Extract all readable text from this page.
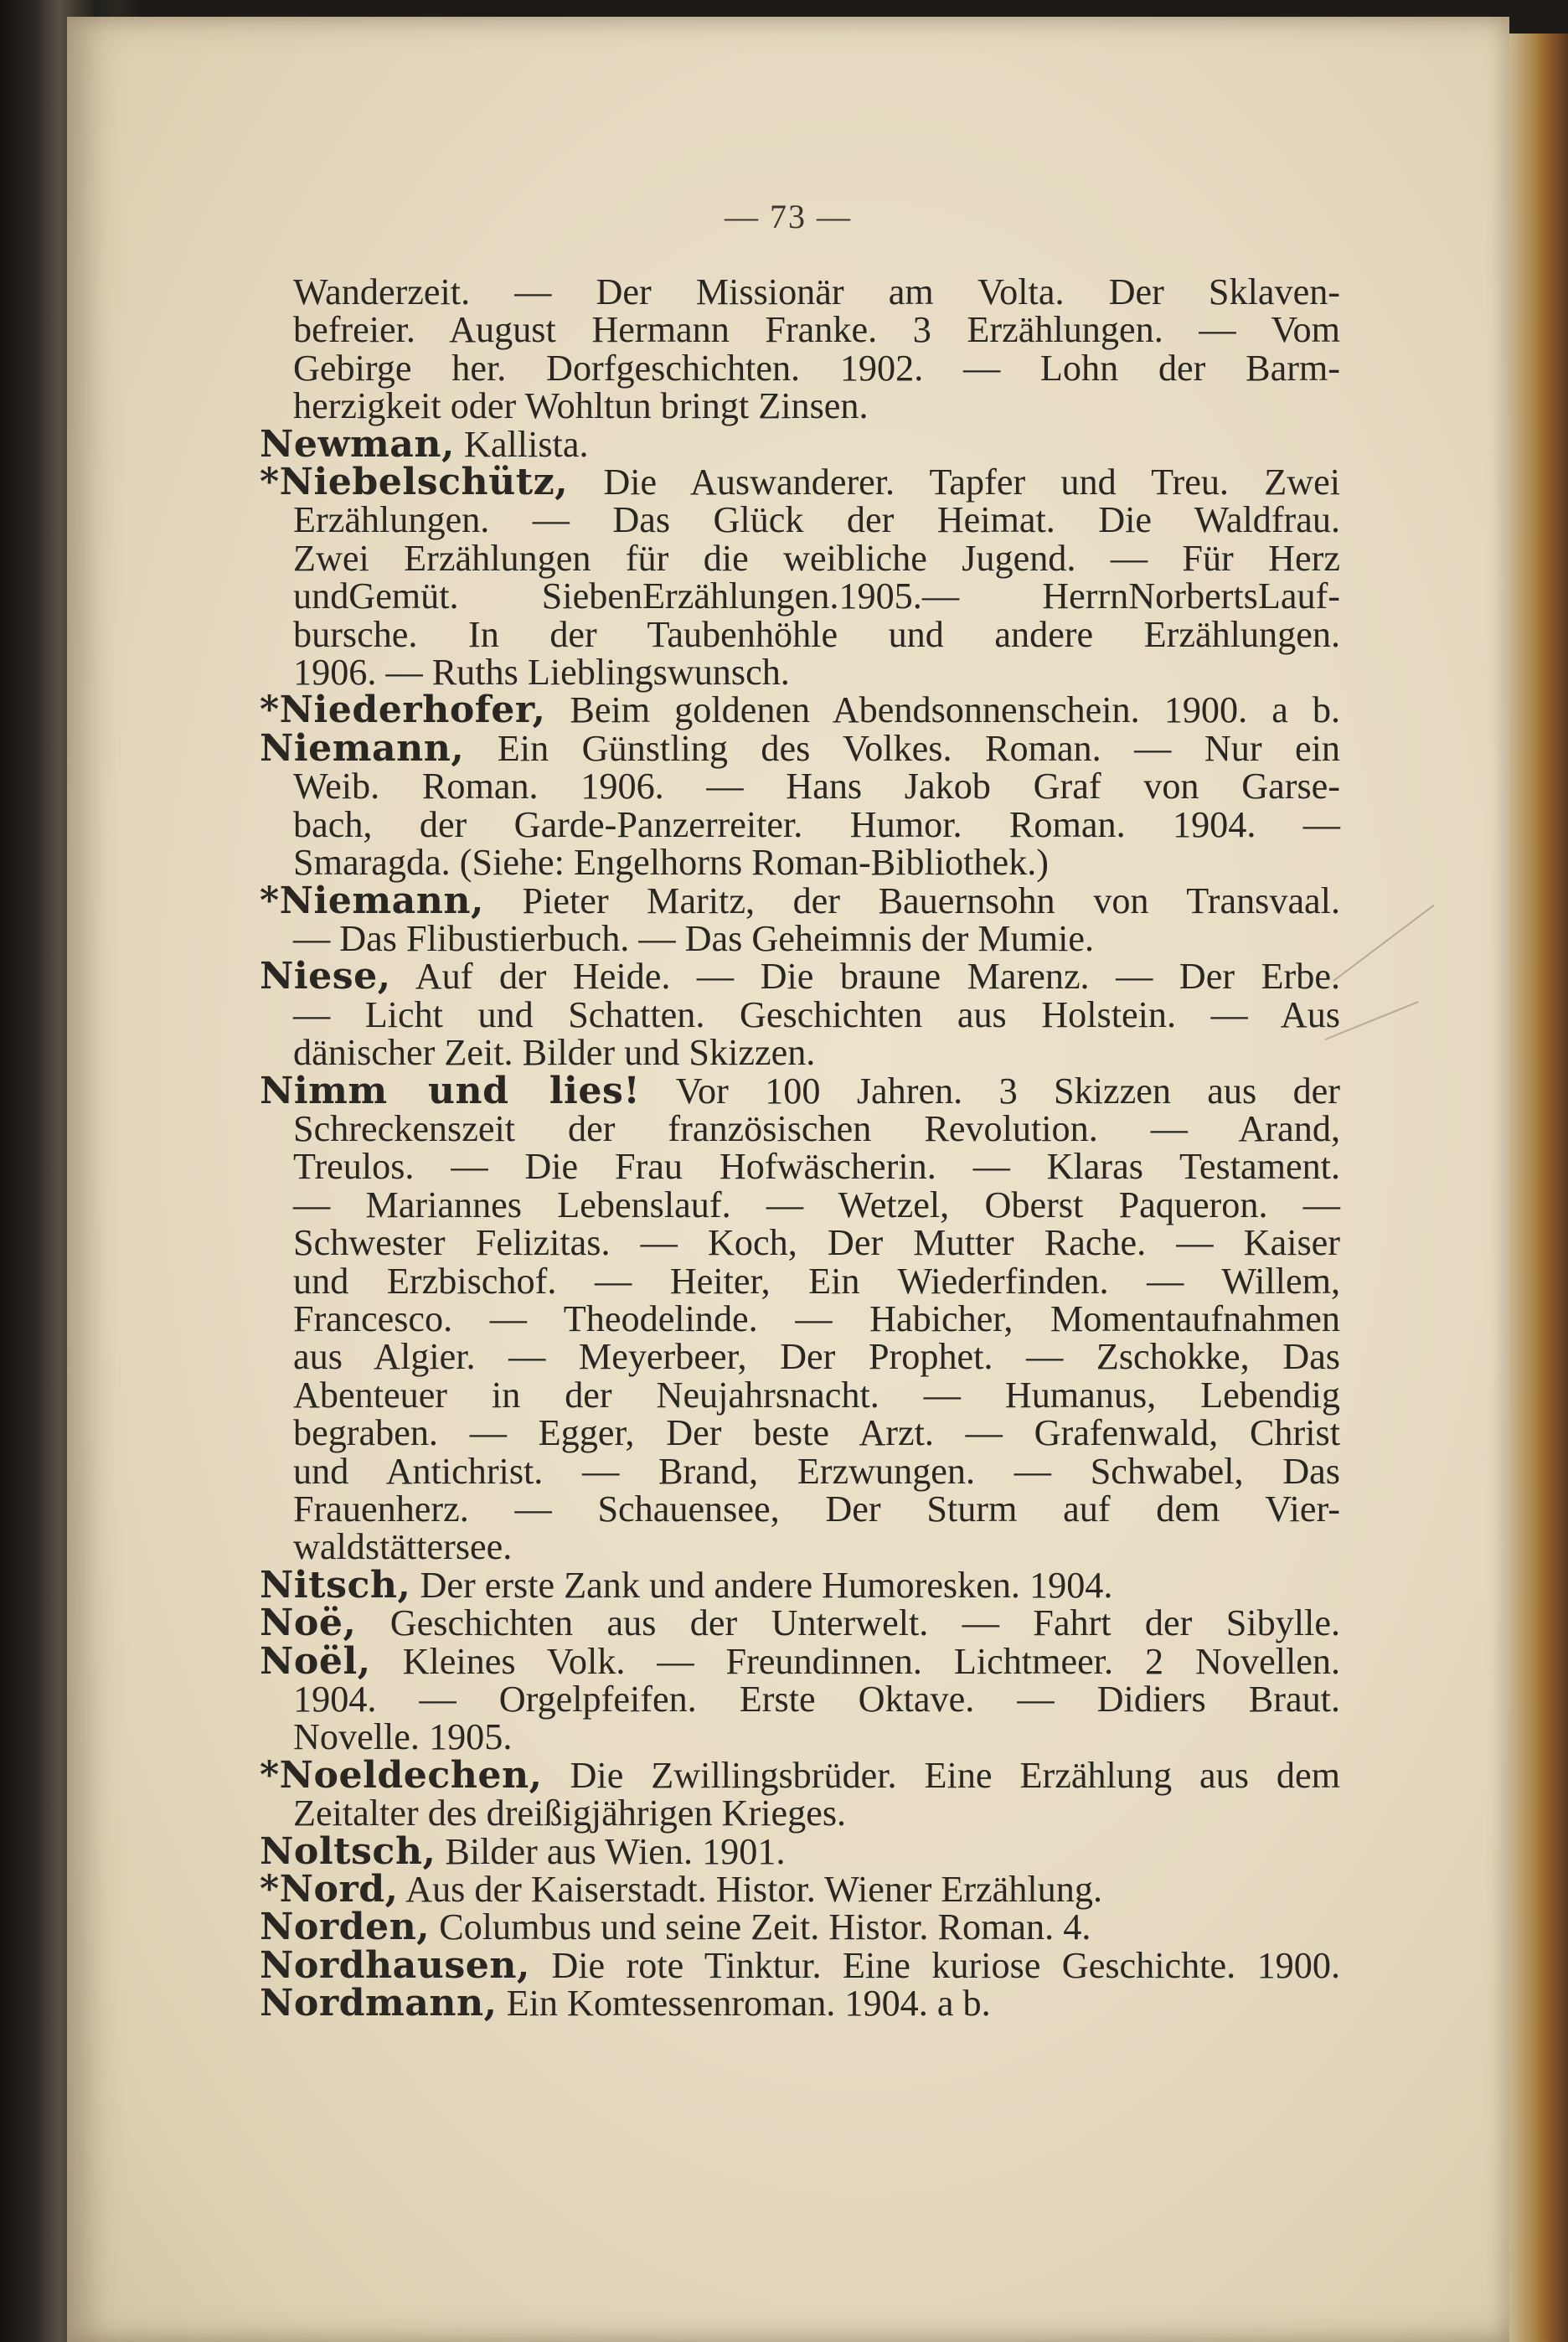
— 73 —
Wanderzeit. — Der Missionär am Volta. Der Sklaven-
befreier. August Hermann Franke. 3 Erzählungen. — Vom
Gebirge her. Dorfgeschichten. 1902. — Lohn der Barm-
herzigkeit oder Wohltun bringt Zinsen.
Newman, Kallista.
*Niebelschütz, Die Auswanderer. Tapfer und Treu. Zwei
Erzählungen. — Das Glück der Heimat. Die Waldfrau.
Zwei Erzählungen für die weibliche Jugend. — Für Herz
undGemüt. SiebenErzählungen.1905.— HerrnNorbertsLauf-
bursche. In der Taubenhöhle und andere Erzählungen.
1906. — Ruths Lieblingswunsch.
*Niederhofer, Beim goldenen Abendsonnenschein. 1900. a b.
Niemann, Ein Günstling des Volkes. Roman. — Nur ein
Weib. Roman. 1906. — Hans Jakob Graf von Garse-
bach, der Garde-Panzerreiter. Humor. Roman. 1904. —
Smaragda. (Siehe: Engelhorns Roman-Bibliothek.)
*Niemann, Pieter Maritz, der Bauernsohn von Transvaal.
— Das Flibustierbuch. — Das Geheimnis der Mumie.
Niese, Auf der Heide. — Die braune Marenz. — Der Erbe.
— Licht und Schatten. Geschichten aus Holstein. — Aus
dänischer Zeit. Bilder und Skizzen.
Nimm und lies! Vor 100 Jahren. 3 Skizzen aus der
Schreckenszeit der französischen Revolution. — Arand,
Treulos. — Die Frau Hofwäscherin. — Klaras Testament.
— Mariannes Lebenslauf. — Wetzel, Oberst Paqueron. —
Schwester Felizitas. — Koch, Der Mutter Rache. — Kaiser
und Erzbischof. — Heiter, Ein Wiederfinden. — Willem,
Francesco. — Theodelinde. — Habicher, Momentaufnahmen
aus Algier. — Meyerbeer, Der Prophet. — Zschokke, Das
Abenteuer in der Neujahrsnacht. — Humanus, Lebendig
begraben. — Egger, Der beste Arzt. — Grafenwald, Christ
und Antichrist. — Brand, Erzwungen. — Schwabel, Das
Frauenherz. — Schauensee, Der Sturm auf dem Vier-
waldstättersee.
Nitsch, Der erste Zank und andere Humoresken. 1904.
Noë, Geschichten aus der Unterwelt. — Fahrt der Sibylle.
Noël, Kleines Volk. — Freundinnen. Lichtmeer. 2 Novellen.
1904. — Orgelpfeifen. Erste Oktave. — Didiers Braut.
Novelle. 1905.
*Noeldechen, Die Zwillingsbrüder. Eine Erzählung aus dem
Zeitalter des dreißigjährigen Krieges.
Noltsch, Bilder aus Wien. 1901.
*Nord, Aus der Kaiserstadt. Histor. Wiener Erzählung.
Norden, Columbus und seine Zeit. Histor. Roman. 4.
Nordhausen, Die rote Tinktur. Eine kuriose Geschichte. 1900.
Nordmann, Ein Komtessenroman. 1904. a b.
